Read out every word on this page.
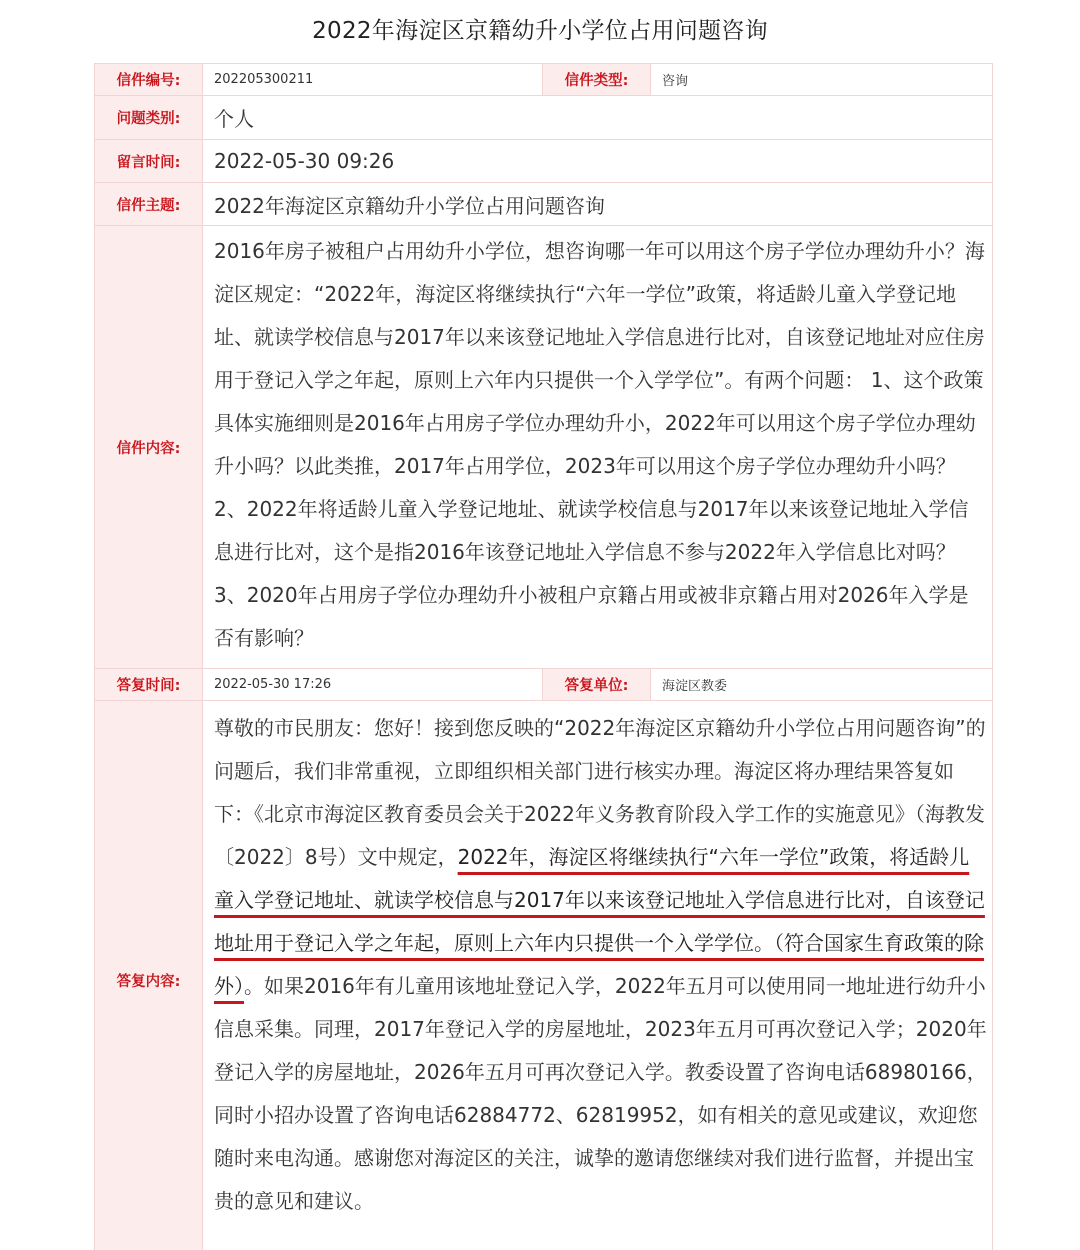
2022年海淀区京籍幼升小学位占用问题咨询
信件编号:	202205300211	信件类型:	咨询
问题类别:	个人		
留言时间:	2022-05-30 09:26		
信件主题:	2022年海淀区京籍幼升小学位占用问题咨询		
信件内容:	2016年房子被租户占用幼升小学位，想咨询哪一年可以用这个房子学位办理幼升小？海淀区规定：“2022年，海淀区将继续执行“六年一学位”政策，将适龄儿童入学登记地址、就读学校信息与2017年以来该登记地址入学信息进行比对，自该登记地址对应住房用于登记入学之年起，原则上六年内只提供一个入学学位”。有两个问题： 1、这个政策具体实施细则是2016年占用房子学位办理幼升小，2022年可以用这个房子学位办理幼升小吗？以此类推，2017年占用学位，2023年可以用这个房子学位办理幼升小吗？ 2、2022年将适龄儿童入学登记地址、就读学校信息与2017年以来该登记地址入学信息进行比对，这个是指2016年该登记地址入学信息不参与2022年入学信息比对吗？ 3、2020年占用房子学位办理幼升小被租户京籍占用或被非京籍占用对2026年入学是否有影响？		

答复时间:	2022-05-30 17:26	答复单位:	海淀区教委
答复内容:	尊敬的市民朋友：您好！接到您反映的“2022年海淀区京籍幼升小学位占用问题咨询”的问题后，我们非常重视，立即组织相关部门进行核实办理。海淀区将办理结果答复如下：《北京市海淀区教育委员会关于2022年义务教育阶段入学工作的实施意见》（海教发〔2022〕8号）文中规定，2022年，海淀区将继续执行“六年一学位”政策，将适龄儿童入学登记地址、就读学校信息与2017年以来该登记地址入学信息进行比对，自该登记地址用于登记入学之年起，原则上六年内只提供一个入学学位。（符合国家生育政策的除外）。如果2016年有儿童用该地址登记入学，2022年五月可以使用同一地址进行幼升小信息采集。同理，2017年登记入学的房屋地址，2023年五月可再次登记入学；2020年登记入学的房屋地址，2026年五月可再次登记入学。教委设置了咨询电话68980166，同时小招办设置了咨询电话62884772、62819952，如有相关的意见或建议，欢迎您随时来电沟通。感谢您对海淀区的关注，诚挚的邀请您继续对我们进行监督，并提出宝贵的意见和建议。		
